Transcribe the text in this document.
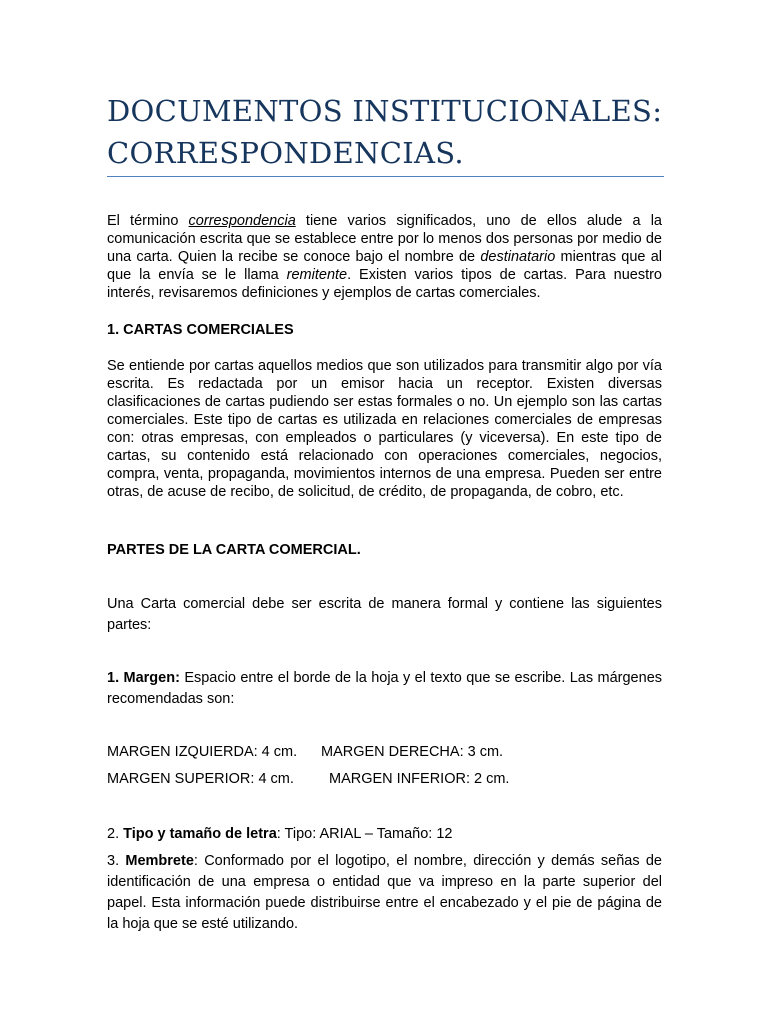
DOCUMENTOS INSTITUCIONALES:
CORRESPONDENCIAS.

El término correspondencia tiene varios significados, uno de ellos alude a la comunicación escrita que se establece entre por lo menos dos personas por medio de una carta. Quien la recibe se conoce bajo el nombre de destinatario mientras que al que la envía se le llama remitente. Existen varios tipos de cartas. Para nuestro interés, revisaremos definiciones y ejemplos de cartas comerciales.

1. CARTAS COMERCIALES

Se entiende por cartas aquellos medios que son utilizados para transmitir algo por vía escrita. Es redactada por un emisor hacia un receptor. Existen diversas clasificaciones de cartas pudiendo ser estas formales o no. Un ejemplo son las cartas comerciales. Este tipo de cartas es utilizada en relaciones comerciales de empresas con: otras empresas, con empleados o particulares (y viceversa). En este tipo de cartas, su contenido está relacionado con operaciones comerciales, negocios, compra, venta, propaganda, movimientos internos de una empresa. Pueden ser entre otras, de acuse de recibo, de solicitud, de crédito, de propaganda, de cobro, etc.

PARTES DE LA CARTA COMERCIAL.

Una Carta comercial debe ser escrita de manera formal y contiene las siguientes partes:

1. Margen: Espacio entre el borde de la hoja y el texto que se escribe. Las márgenes recomendadas son:

MARGEN IZQUIERDA: 4 cm. MARGEN DERECHA: 3 cm.

MARGEN SUPERIOR: 4 cm. MARGEN INFERIOR: 2 cm.

2. Tipo y tamaño de letra: Tipo: ARIAL – Tamaño: 12

3. Membrete: Conformado por el logotipo, el nombre, dirección y demás señas de identificación de una empresa o entidad que va impreso en la parte superior del papel. Esta información puede distribuirse entre el encabezado y el pie de página de la hoja que se esté utilizando.
